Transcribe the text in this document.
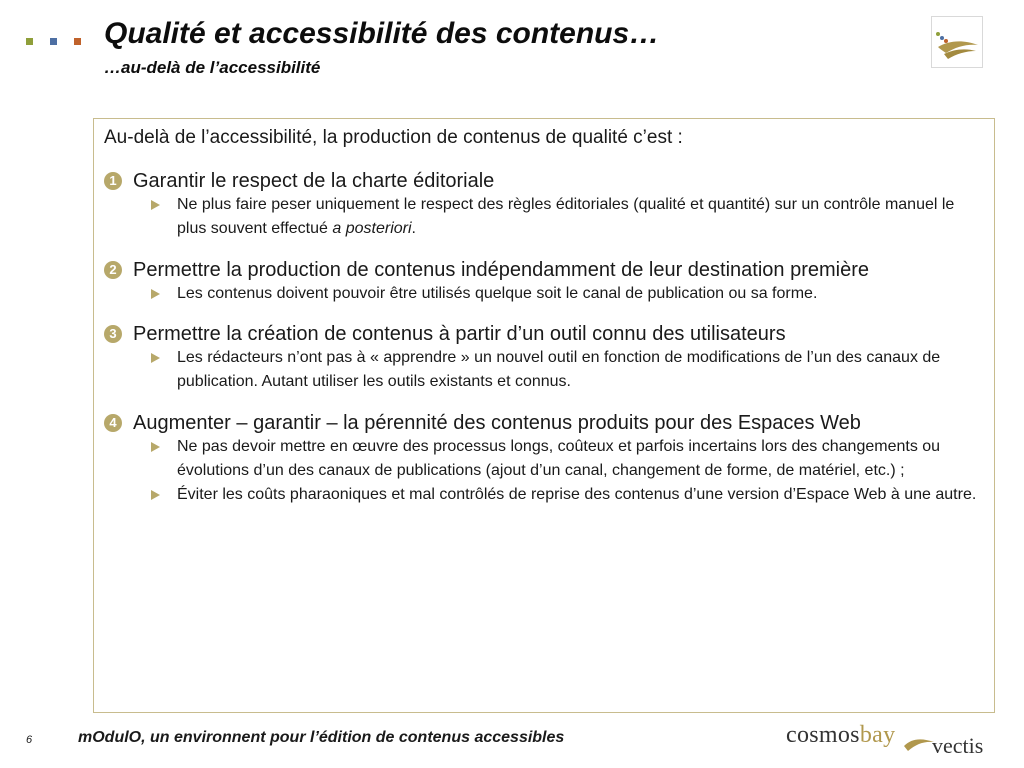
Qualité et accessibilité des contenus…
…au-delà de l’accessibilité
Au-delà de l’accessibilité, la production de contenus de qualité c’est :
1 Garantir le respect de la charte éditoriale
Ne plus faire peser uniquement le respect des règles éditoriales (qualité et quantité) sur un contrôle manuel le plus souvent effectué a posteriori.
2 Permettre la production de contenus indépendamment de leur destination première
Les contenus doivent pouvoir être utilisés quelque soit le canal de publication ou sa forme.
3 Permettre la création de contenus à partir d’un outil connu des utilisateurs
Les rédacteurs n’ont pas à « apprendre » un nouvel outil en fonction de modifications de l’un des canaux de publication. Autant utiliser les outils existants et connus.
4 Augmenter – garantir – la pérennité des contenus produits pour des Espaces Web
Ne pas devoir mettre en œuvre des processus longs, coûteux et parfois incertains lors des changements ou évolutions d’un des canaux de publications (ajout d’un canal, changement de forme, de matériel, etc.) ;
Éviter les coûts pharaoniques et mal contrôlés de reprise des contenus d’une version d’Espace Web à une autre.
6	mOdulO, un environnent pour l’édition de contenus accessibles	cosmosbay vectis
